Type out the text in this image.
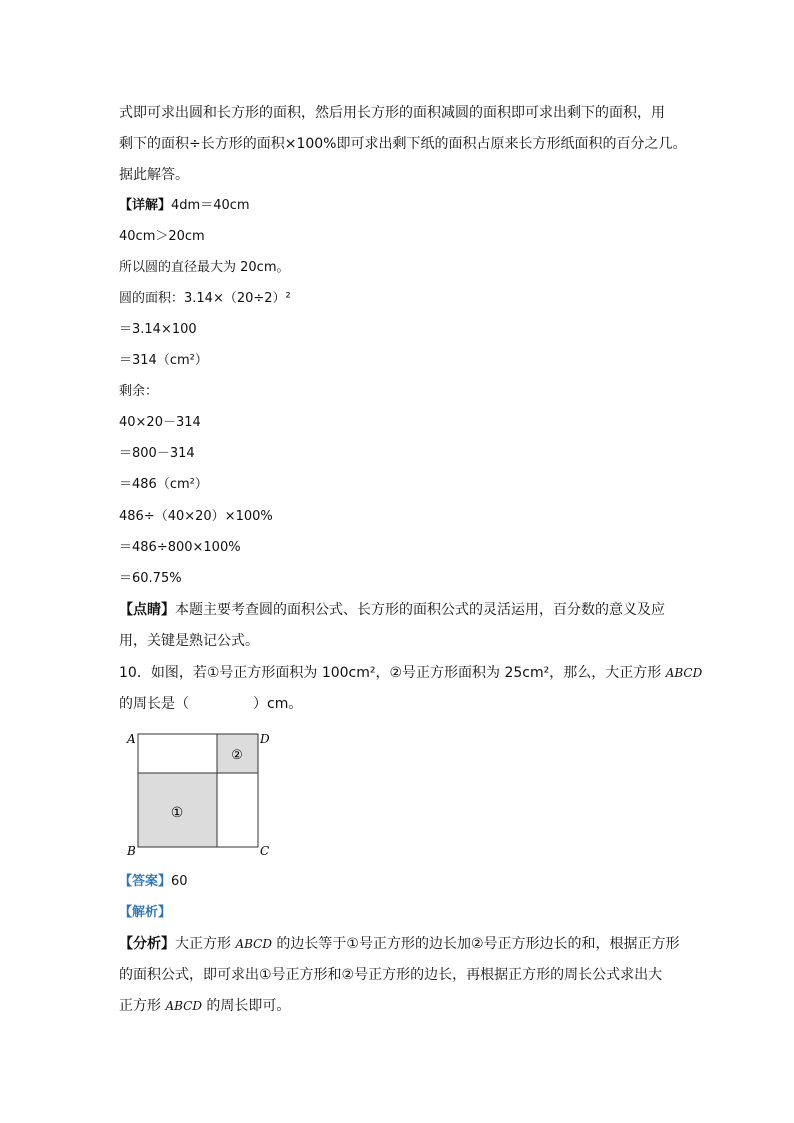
式即可求出圆和长方形的面积，然后用长方形的面积减圆的面积即可求出剩下的面积，用
剩下的面积÷长方形的面积×100%即可求出剩下纸的面积占原来长方形纸面积的百分之几。
据此解答。
【详解】4dm＝40cm
40cm＞20cm
所以圆的直径最大为 20cm。
圆的面积：3.14×（20÷2）²
＝3.14×100
＝314（cm²）
剩余：
40×20－314
＝800－314
＝486（cm²）
486÷（40×20）×100%
＝486÷800×100%
＝60.75%
【点睛】本题主要考查圆的面积公式、长方形的面积公式的灵活运用，百分数的意义及应
用，关键是熟记公式。
10．如图，若①号正方形面积为 100cm²，②号正方形面积为 25cm²，那么，大正方形 ABCD
的周长是（	）cm。
A
B	C
D
①
②
【答案】60
【解析】
【分析】大正方形 ABCD 的边长等于①号正方形的边长加②号正方形边长的和，根据正方形
的面积公式，即可求出①号正方形和②号正方形的边长，再根据正方形的周长公式求出大
正方形 ABCD 的周长即可。
